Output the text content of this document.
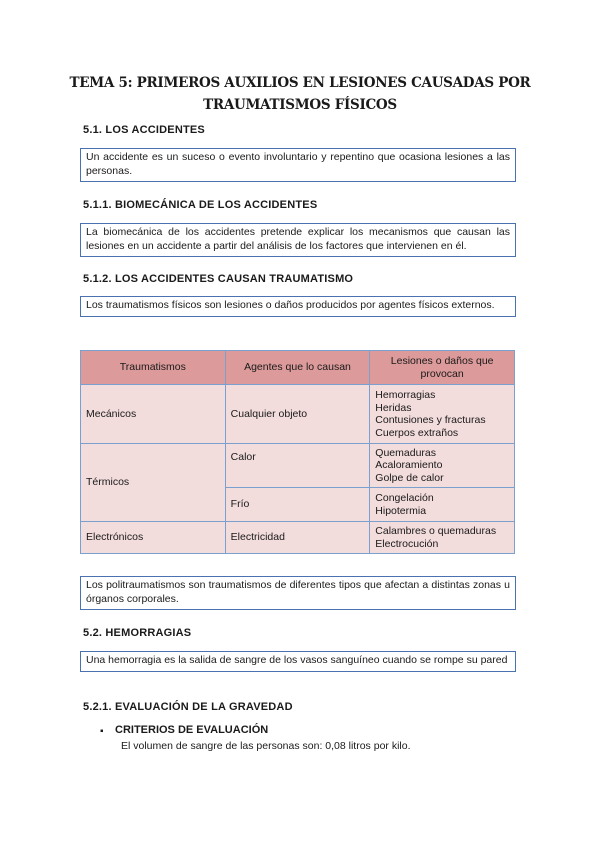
TEMA 5: PRIMEROS AUXILIOS EN LESIONES CAUSADAS POR
TRAUMATISMOS FÍSICOS
5.1. LOS ACCIDENTES
Un accidente es un suceso o evento involuntario y repentino que ocasiona lesiones a las personas.
5.1.1. BIOMECÁNICA DE LOS ACCIDENTES
La biomecánica de los accidentes pretende explicar los mecanismos que causan las lesiones en un accidente a partir del análisis de los factores que intervienen en él.
5.1.2. LOS ACCIDENTES CAUSAN TRAUMATISMO
Los traumatismos físicos son lesiones o daños producidos por agentes físicos externos.
Traumatismos	Agentes que lo causan	Lesiones o daños que provocan
Mecánicos	Cualquier objeto	Hemorragias
Heridas
Contusiones y fracturas
Cuerpos extraños

Térmicos	Calor	Quemaduras
Acaloramiento
Golpe de calor

	Frío	Congelación
Hipotermia

Electrónicos	Electricidad	Calambres o quemaduras
Electrocución
Los politraumatismos son traumatismos de diferentes tipos que afectan a distintas zonas u órganos corporales.
5.2. HEMORRAGIAS
Una hemorragia es la salida de sangre de los vasos sanguíneo cuando se rompe su pared
5.2.1. EVALUACIÓN DE LA GRAVEDAD
▪ CRITERIOS DE EVALUACIÓN
El volumen de sangre de las personas son: 0,08 litros por kilo.
